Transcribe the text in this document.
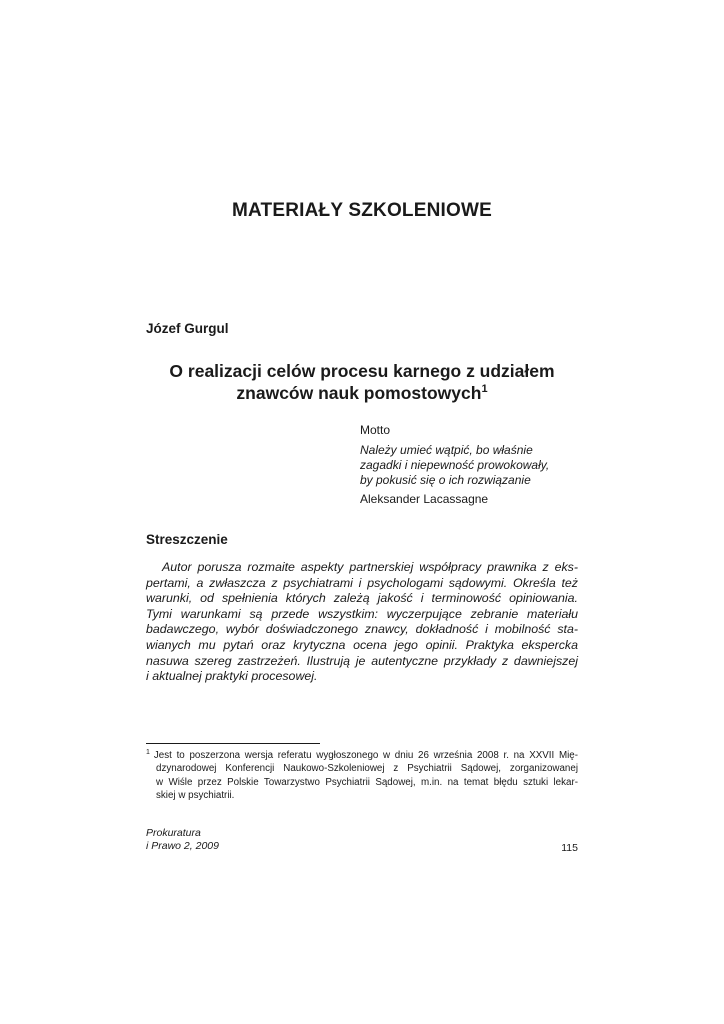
MATERIAŁY SZKOLENIOWE
Józef Gurgul
O realizacji celów procesu karnego z udziałem
znawców nauk pomostowych$^1$
Motto
Należy umieć wątpić, bo właśnie
zagadki i niepewność prowokowały,
by pokusić się o ich rozwiązanie
Aleksander Lacassagne
Streszczenie
Autor porusza rozmaite aspekty partnerskiej współpracy prawnika z eks-
pertami, a zwłaszcza z psychiatrami i psychologami sądowymi. Określa też
warunki, od spełnienia których zależą jakość i terminowość opiniowania.
Tymi warunkami są przede wszystkim: wyczerpujące zebranie materiału
badawczego, wybór doświadczonego znawcy, dokładność i mobilność sta-
wianych mu pytań oraz krytyczna ocena jego opinii. Praktyka ekspercka
nasuwa szereg zastrzeżeń. Ilustrują je autentyczne przykłady z dawniejszej
i aktualnej praktyki procesowej.
$^1$ Jest to poszerzona wersja referatu wygłoszonego w dniu 26 września 2008 r. na XXVII Mię-
dzynarodowej Konferencji Naukowo-Szkoleniowej z Psychiatrii Sądowej, zorganizowanej
w Wiśle przez Polskie Towarzystwo Psychiatrii Sądowej, m.in. na temat błędu sztuki lekar-
skiej w psychiatrii.
Prokuratura
i Prawo 2, 2009	115
